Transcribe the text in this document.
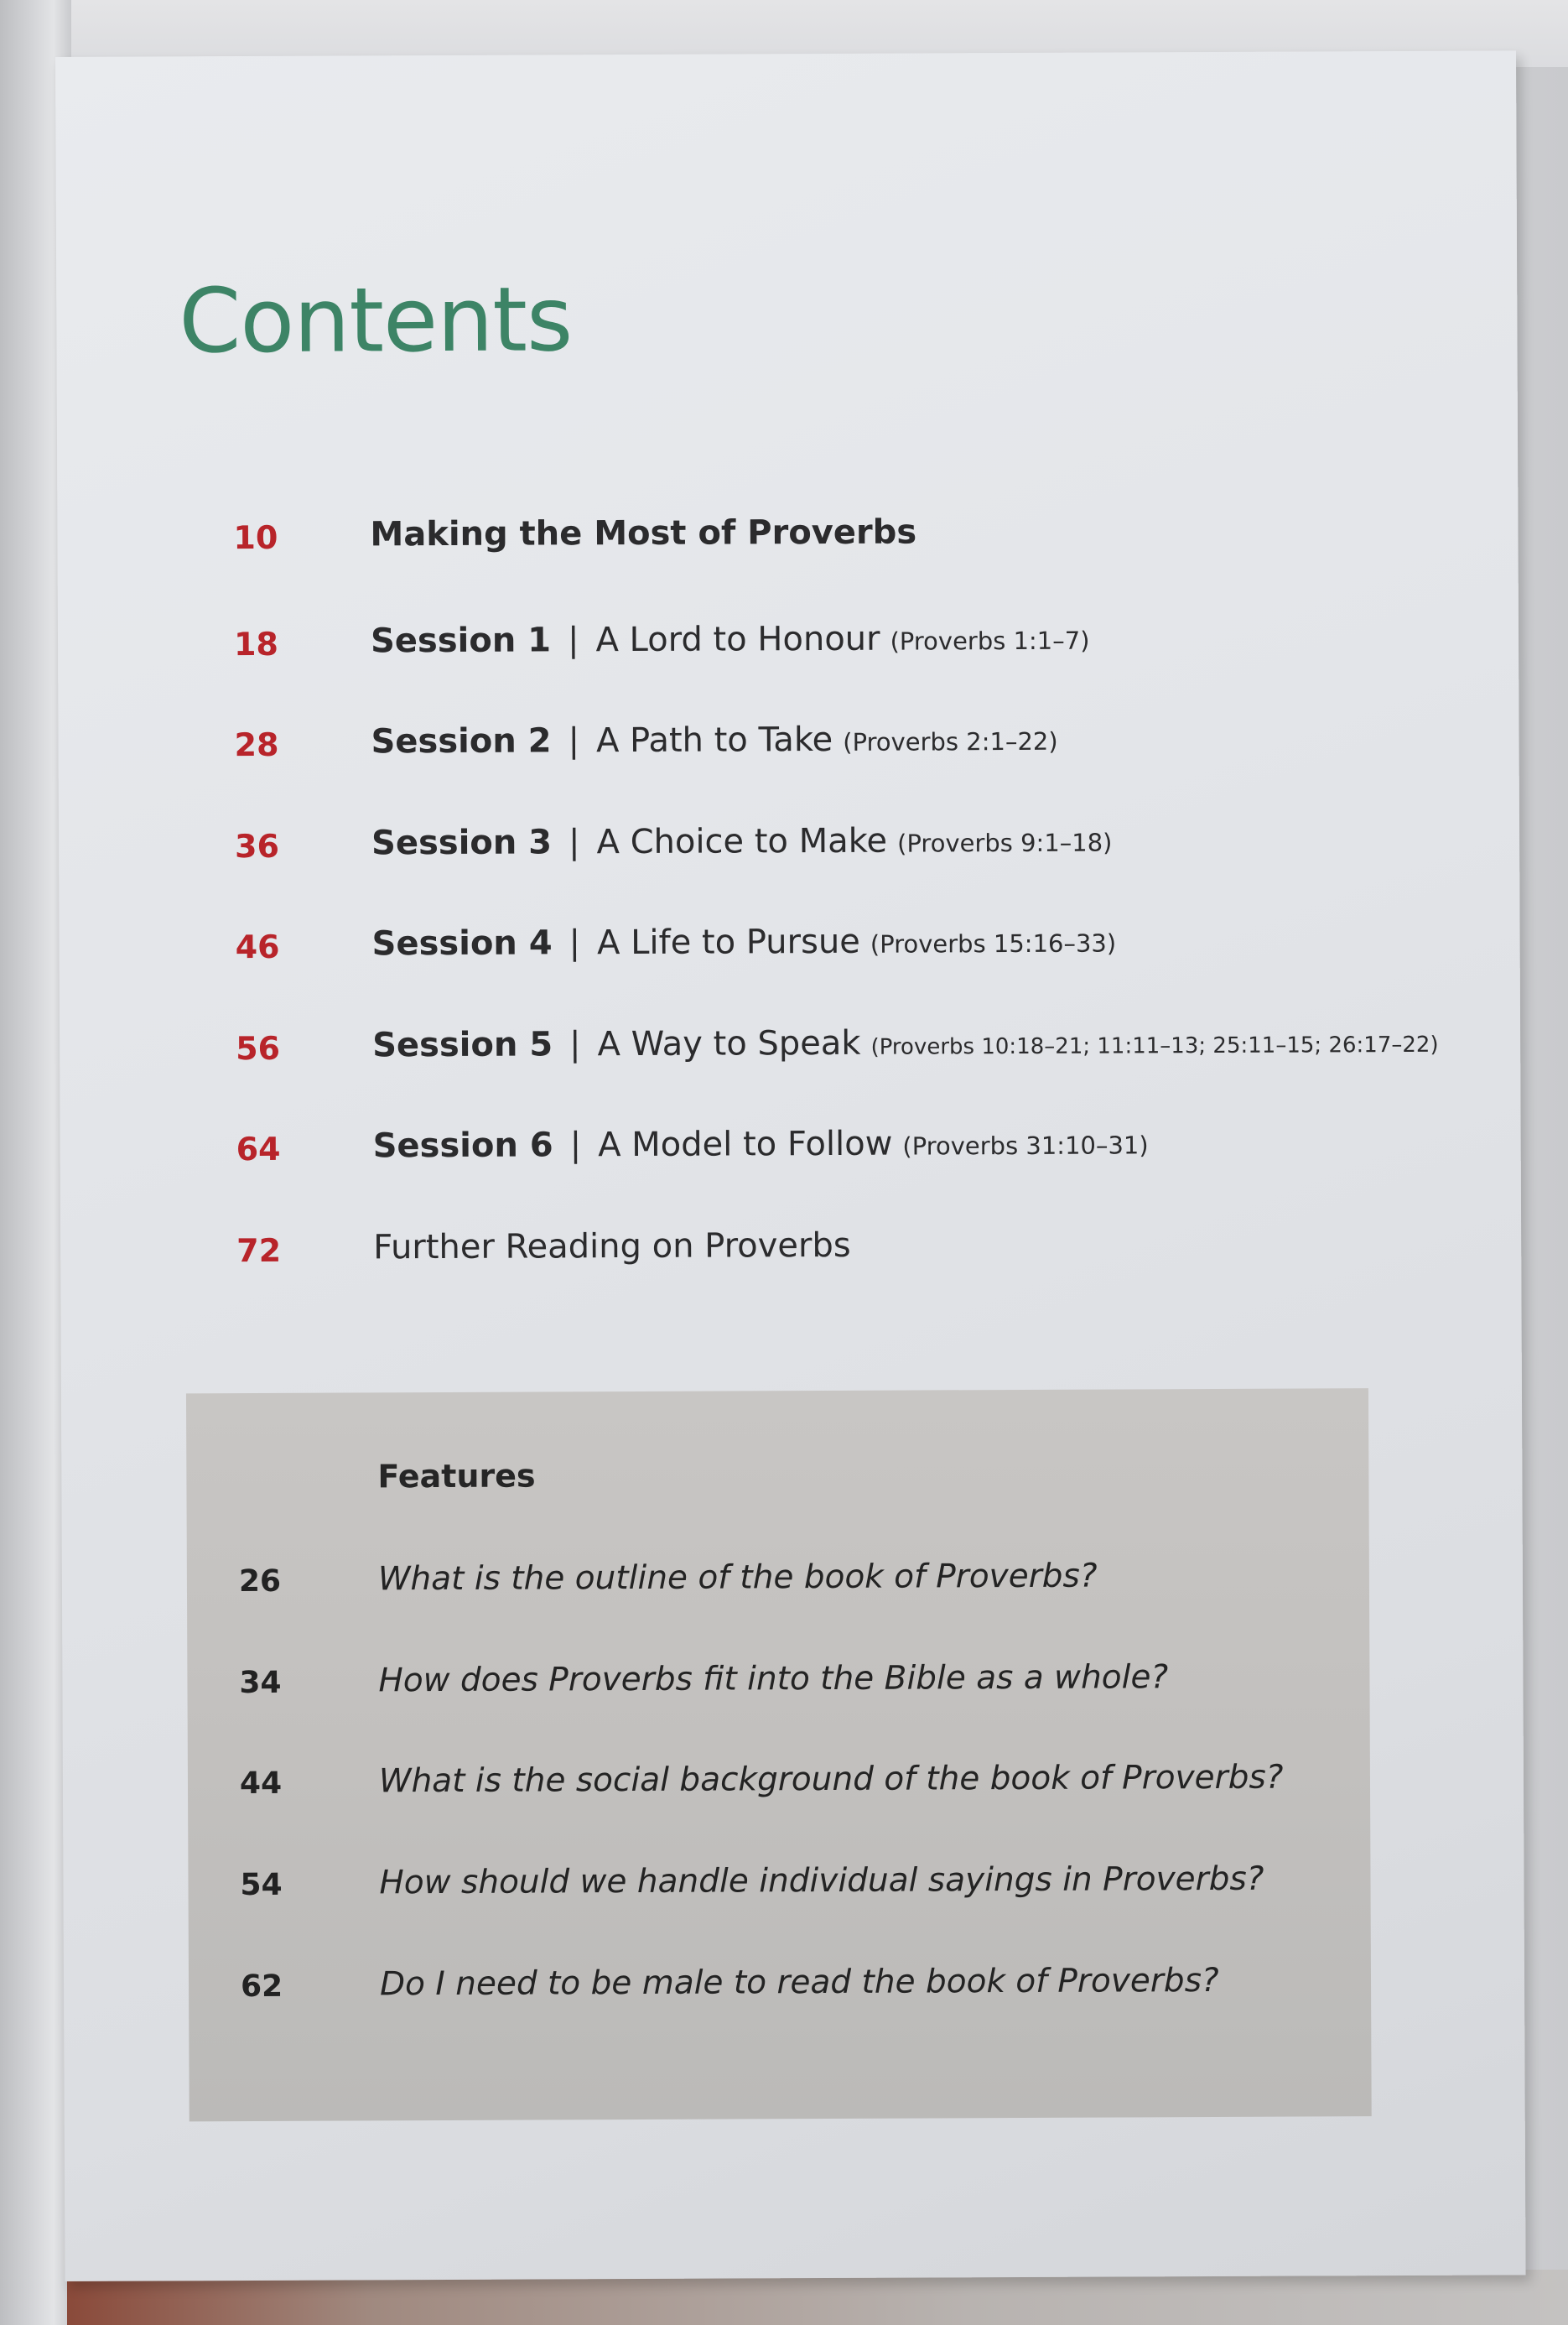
Contents
10	Making the Most of Proverbs
18	Session 1 | A Lord to Honour (Proverbs 1:1–7)
28	Session 2 | A Path to Take (Proverbs 2:1–22)
36	Session 3 | A Choice to Make (Proverbs 9:1–18)
46	Session 4 | A Life to Pursue (Proverbs 15:16–33)
56	Session 5 | A Way to Speak (Proverbs 10:18–21; 11:11–13; 25:11–15; 26:17–22)
64	Session 6 | A Model to Follow (Proverbs 31:10–31)
72	Further Reading on Proverbs
Features
26	What is the outline of the book of Proverbs?
34	How does Proverbs fit into the Bible as a whole?
44	What is the social background of the book of Proverbs?
54	How should we handle individual sayings in Proverbs?
62	Do I need to be male to read the book of Proverbs?
